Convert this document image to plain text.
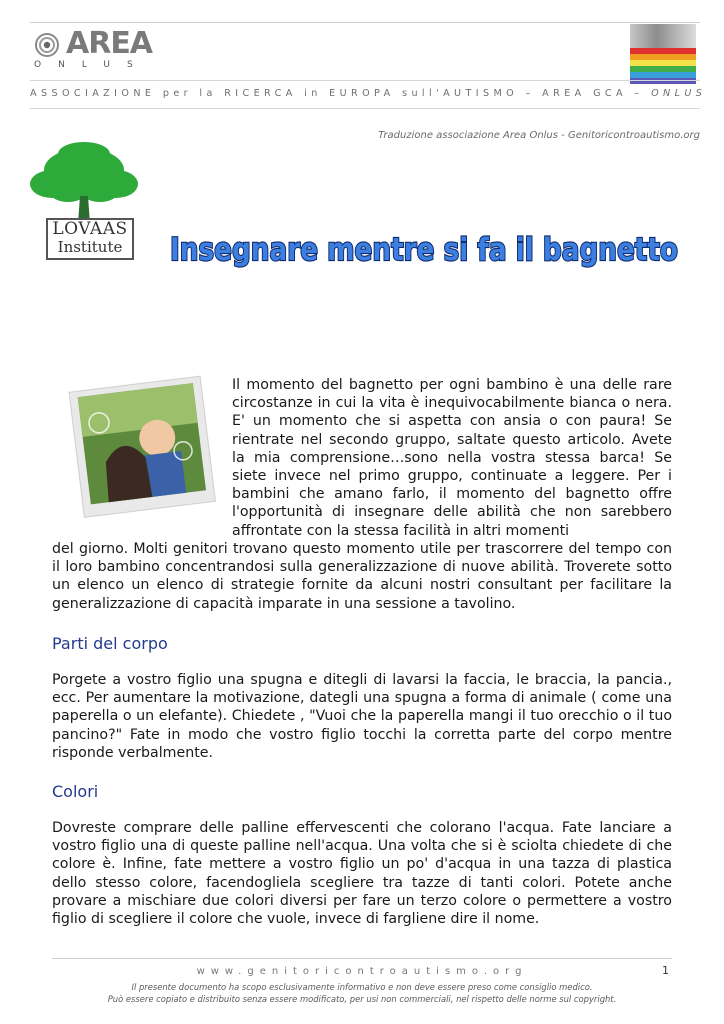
AREA
ONLUS
ASSOCIAZIONE per la RICERCA in EUROPA sull'AUTISMO – AREA GCA – ONLUS
Traduzione associazione Area Onlus - Genitoricontroautismo.org
LOVAAS
Institute	Insegnare mentre si fa il bagnetto
Il momento del bagnetto per ogni bambino è una delle rare circostanze in cui la vita è inequivocabilmente bianca o nera. E' un momento che si aspetta con ansia o con paura! Se rientrate nel secondo gruppo, saltate questo articolo. Avete la mia comprensione…sono nella vostra stessa barca! Se siete invece nel primo gruppo, continuate a leggere. Per i bambini che amano farlo, il momento del bagnetto offre l'opportunità di insegnare delle abilità che non sarebbero affrontate con la stessa facilità in altri momenti
del giorno. Molti genitori trovano questo momento utile per trascorrere del tempo con il loro bambino concentrandosi sulla generalizzazione di nuove abilità. Troverete sotto un elenco un elenco di strategie fornite da alcuni nostri consultant per facilitare la generalizzazione di capacità imparate in una sessione a tavolino.
Parti del corpo
Porgete a vostro figlio una spugna e ditegli di lavarsi la faccia, le braccia, la pancia., ecc. Per aumentare la motivazione, dategli una spugna a forma di animale ( come una paperella o un elefante). Chiedete , "Vuoi che la paperella mangi il tuo orecchio o il tuo pancino?" Fate in modo che vostro figlio tocchi la corretta parte del corpo mentre risponde verbalmente.
Colori
Dovreste comprare delle palline effervescenti che colorano l'acqua. Fate lanciare a vostro figlio una di queste palline nell'acqua. Una volta che si è sciolta chiedete di che colore è. Infine, fate mettere a vostro figlio un po' d'acqua in una tazza di plastica dello stesso colore, facendogliela scegliere tra tazze di tanti colori. Potete anche provare a mischiare due colori diversi per fare un terzo colore o permettere a vostro figlio di scegliere il colore che vuole, invece di fargliene dire il nome.
www.genitoricontroautismo.org	1
Il presente documento ha scopo esclusivamente informativo e non deve essere preso come consiglio medico.
Può essere copiato e distribuito senza essere modificato, per usi non commerciali, nel rispetto delle norme sul copyright.
